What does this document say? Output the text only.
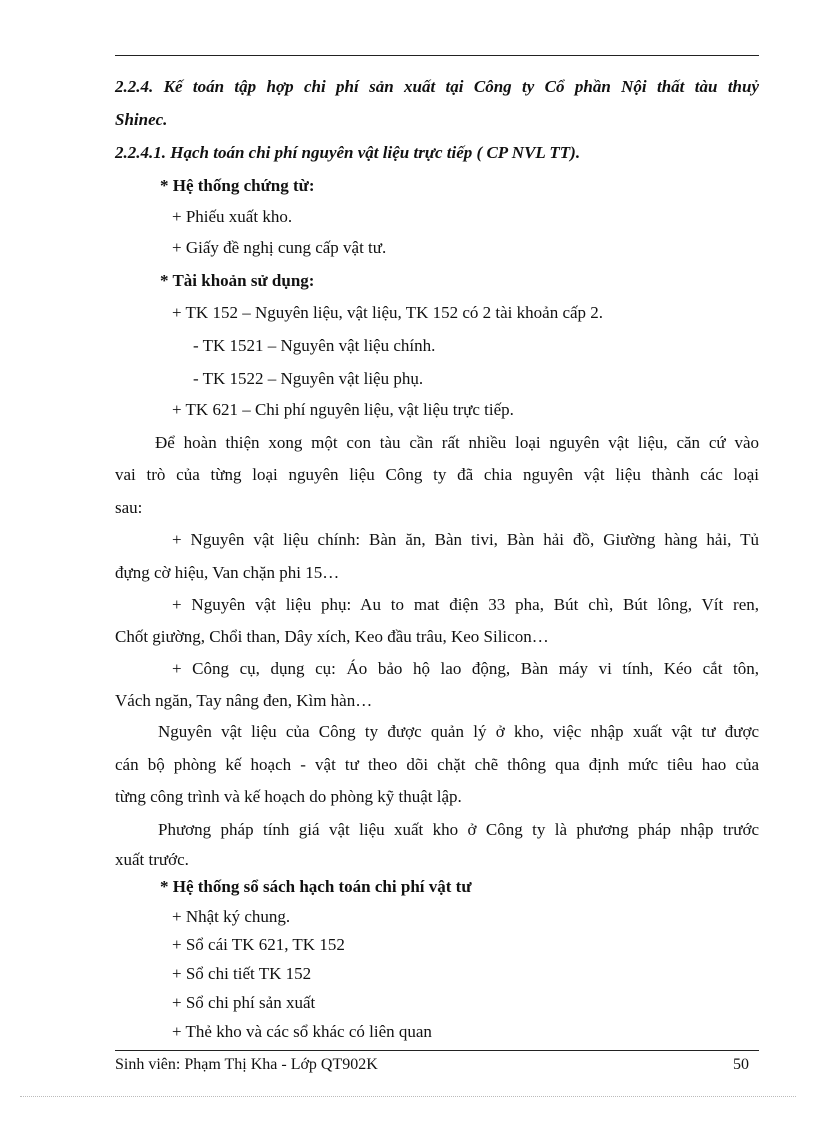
2.2.4. Kế toán tập hợp chi phí sản xuất tại Công ty Cổ phần Nội thất tàu thuỷ
Shinec.
2.2.4.1. Hạch toán chi phí nguyên vật liệu trực tiếp ( CP NVL TT).
* Hệ thống chứng từ:
+ Phiếu xuất kho.
+ Giấy đề nghị cung cấp vật tư.
* Tài khoản sử dụng:
+ TK 152 – Nguyên liệu, vật liệu, TK 152 có 2 tài khoản cấp 2.
- TK 1521 – Nguyên vật liệu chính.
- TK 1522 – Nguyên vật liệu phụ.
+ TK 621 – Chi phí nguyên liệu, vật liệu trực tiếp.
Để hoàn thiện xong một con tàu cần rất nhiều loại nguyên vật liệu, căn cứ vào
vai trò của từng loại nguyên liệu Công ty đã chia nguyên vật liệu thành các loại
sau:
+ Nguyên vật liệu chính: Bàn ăn, Bàn tivi, Bàn hải đồ, Giường hàng hải, Tủ
đựng cờ hiệu, Van chặn phi 15…
+ Nguyên vật liệu phụ: Au to mat điện 33 pha, Bút chì, Bút lông, Vít ren,
Chốt giường, Chổi than, Dây xích, Keo đầu trâu, Keo Silicon…
+ Công cụ, dụng cụ: Áo bảo hộ lao động, Bàn máy vi tính, Kéo cắt tôn,
Vách ngăn, Tay nâng đen, Kìm hàn…
Nguyên vật liệu của Công ty được quản lý ở kho, việc nhập xuất vật tư được
cán bộ phòng kế hoạch - vật tư theo dõi chặt chẽ thông qua định mức tiêu hao của
từng công trình và kế hoạch do phòng kỹ thuật lập.
Phương pháp tính giá vật liệu xuất kho ở Công ty là phương pháp nhập trước
xuất trước.
* Hệ thống sổ sách hạch toán chi phí vật tư
+ Nhật ký chung.
+ Sổ cái TK 621, TK 152
+ Sổ chi tiết TK 152
+ Sổ chi phí sản xuất
+ Thẻ kho và các sổ khác có liên quan
Sinh viên: Phạm Thị Kha - Lớp QT902K	50
